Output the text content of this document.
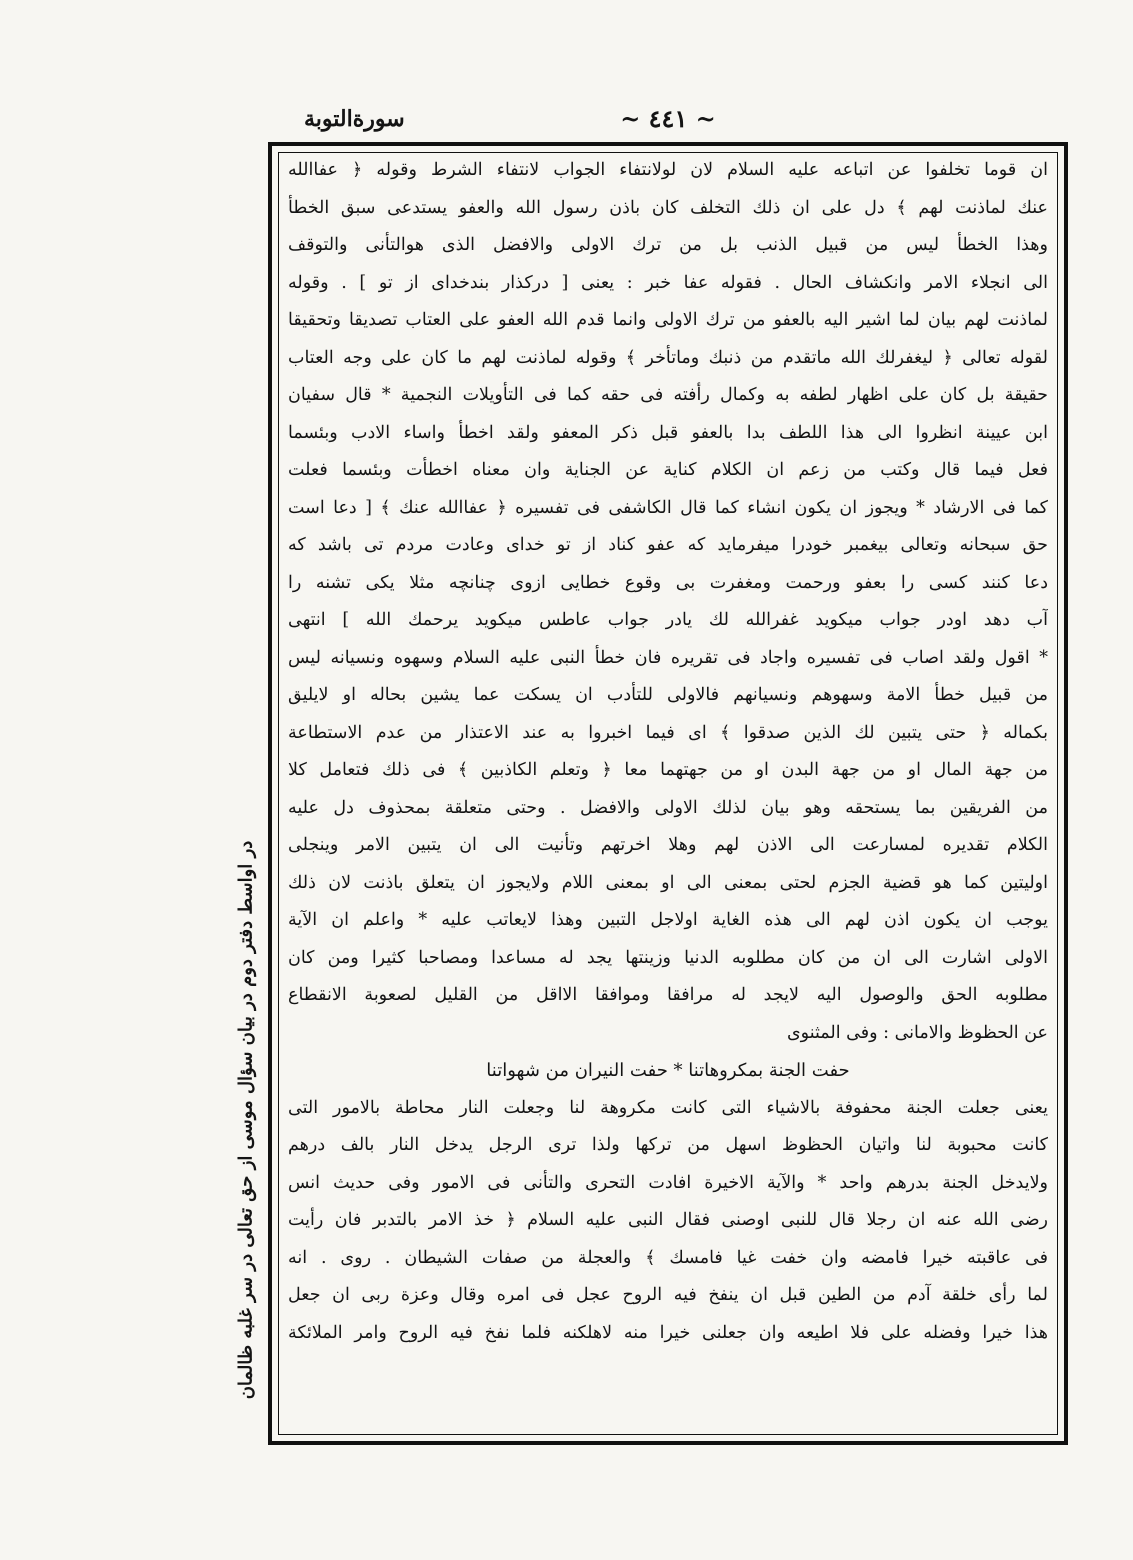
سورةالتوبة	~ ٤٤١ ~
در اواسط دفتر دوم در بیان سؤال موسی از حق تعالی در سر غلبه ظالمان
ان قوما تخلفوا عن اتباعه عليه السلام لان لولانتفاء الجواب لانتفاء الشرط وقوله ﴿ عفاالله
عنك لماذنت لهم ﴾ دل على ان ذلك التخلف كان باذن رسول الله والعفو يستدعى سبق الخطأ
وهذا الخطأ ليس من قبيل الذنب بل من ترك الاولى والافضل الذى هوالتأنى والتوقف
الى انجلاء الامر وانكشاف الحال . فقوله عفا خبر : يعنى [ دركذار بندخداى از تو ] . وقوله
لماذنت لهم بيان لما اشير اليه بالعفو من ترك الاولى وانما قدم الله العفو على العتاب تصديقا وتحقيقا
لقوله تعالى ﴿ ليغفرلك الله ماتقدم من ذنبك وماتأخر ﴾ وقوله لماذنت لهم ما كان على وجه العتاب
حقيقة بل كان على اظهار لطفه به وكمال رأفته فى حقه كما فى التأويلات النجمية * قال سفيان
ابن عيينة انظروا الى هذا اللطف بدا بالعفو قبل ذكر المعفو ولقد اخطأ واساء الادب وبئسما
فعل فيما قال وكتب من زعم ان الكلام كناية عن الجناية وان معناه اخطأت وبئسما فعلت
كما فى الارشاد * ويجوز ان يكون انشاء كما قال الكاشفى فى تفسيره ﴿ عفاالله عنك ﴾ [ دعا است
حق سبحانه وتعالى بيغمبر خودرا ميفرمايد كه عفو كناد از تو خداى وعادت مردم تى باشد كه
دعا كنند كسى را بعفو ورحمت ومغفرت بى وقوع خطايى ازوى چنانچه مثلا يكى تشنه را
آب دهد اودر جواب ميكويد غفرالله لك يادر جواب عاطس ميكويد يرحمك الله ] انتهى
* اقول ولقد اصاب فى تفسيره واجاد فى تقريره فان خطأ النبى عليه السلام وسهوه ونسيانه ليس
من قبيل خطأ الامة وسهوهم ونسيانهم فالاولى للتأدب ان يسكت عما يشين بحاله او لايليق
بكماله ﴿ حتى يتبين لك الذين صدقوا ﴾ اى فيما اخبروا به عند الاعتذار من عدم الاستطاعة
من جهة المال او من جهة البدن او من جهتهما معا ﴿ وتعلم الكاذبين ﴾ فى ذلك فتعامل كلا
من الفريقين بما يستحقه وهو بيان لذلك الاولى والافضل . وحتى متعلقة بمحذوف دل عليه
الكلام تقديره لمسارعت الى الاذن لهم وهلا اخرتهم وتأنيت الى ان يتبين الامر وينجلى
اوليتين كما هو قضية الجزم لحتى بمعنى الى او بمعنى اللام ولايجوز ان يتعلق باذنت لان ذلك
يوجب ان يكون اذن لهم الى هذه الغاية اولاجل التبين وهذا لايعاتب عليه * واعلم ان الآية
الاولى اشارت الى ان من كان مطلوبه الدنيا وزينتها يجد له مساعدا ومصاحبا كثيرا ومن كان
مطلوبه الحق والوصول اليه لايجد له مرافقا وموافقا الااقل من القليل لصعوبة الانقطاع
عن الحظوظ والامانى : وفى المثنوى
حفت الجنة بمكروهاتنا * حفت النيران من شهواتنا
يعنى جعلت الجنة محفوفة بالاشياء التى كانت مكروهة لنا وجعلت النار محاطة بالامور التى
كانت محبوبة لنا واتيان الحظوظ اسهل من تركها ولذا ترى الرجل يدخل النار بالف درهم
ولايدخل الجنة بدرهم واحد * والآية الاخيرة افادت التحرى والتأنى فى الامور وفى حديث انس
رضى الله عنه ان رجلا قال للنبى اوصنى فقال النبى عليه السلام ﴿ خذ الامر بالتدبر فان رأيت
فى عاقبته خيرا فامضه وان خفت غيا فامسك ﴾ والعجلة من صفات الشيطان . روى . انه
لما رأى خلقة آدم من الطين قبل ان ينفخ فيه الروح عجل فى امره وقال وعزة ربى ان جعل
هذا خيرا وفضله على فلا اطيعه وان جعلنى خيرا منه لاهلكنه فلما نفخ فيه الروح وامر الملائكة
